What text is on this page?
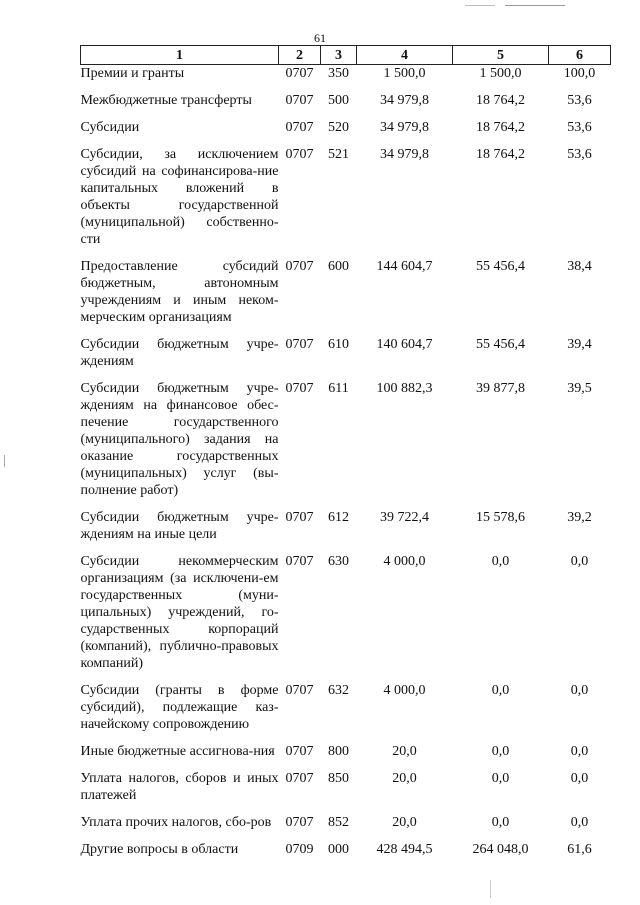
61
1	2	3	4	5	6
Премии и гранты	0707	350	1 500,0	1 500,0	100,0
Межбюджетные трансферты	0707	500	34 979,8	18 764,2	53,6
Субсидии	0707	520	34 979,8	18 764,2	53,6
Субсидии, за исключением субсидий на софинансирова-ние капитальных вложений в объекты государственной (муниципальной) собственно-сти	0707	521	34 979,8	18 764,2	53,6
Предоставление субсидий бюджетным, автономным учреждениям и иным неком-мерческим организациям	0707	600	144 604,7	55 456,4	38,4
Субсидии бюджетным учре-ждениям	0707	610	140 604,7	55 456,4	39,4
Субсидии бюджетным учре-ждениям на финансовое обес-печение государственного (муниципального) задания на оказание государственных (муниципальных) услуг (вы-полнение работ)	0707	611	100 882,3	39 877,8	39,5
Субсидии бюджетным учре-ждениям на иные цели	0707	612	39 722,4	15 578,6	39,2
Субсидии некоммерческим организациям (за исключени-ем государственных (муни-ципальных) учреждений, го-сударственных корпораций (компаний), публично-правовых компаний)	0707	630	4 000,0	0,0	0,0
Субсидии (гранты в форме субсидий), подлежащие каз-начейскому сопровождению	0707	632	4 000,0	0,0	0,0
Иные бюджетные ассигнова-ния	0707	800	20,0	0,0	0,0
Уплата налогов, сборов и иных платежей	0707	850	20,0	0,0	0,0
Уплата прочих налогов, сбо-ров	0707	852	20,0	0,0	0,0
Другие вопросы в области	0709	000	428 494,5	264 048,0	61,6
